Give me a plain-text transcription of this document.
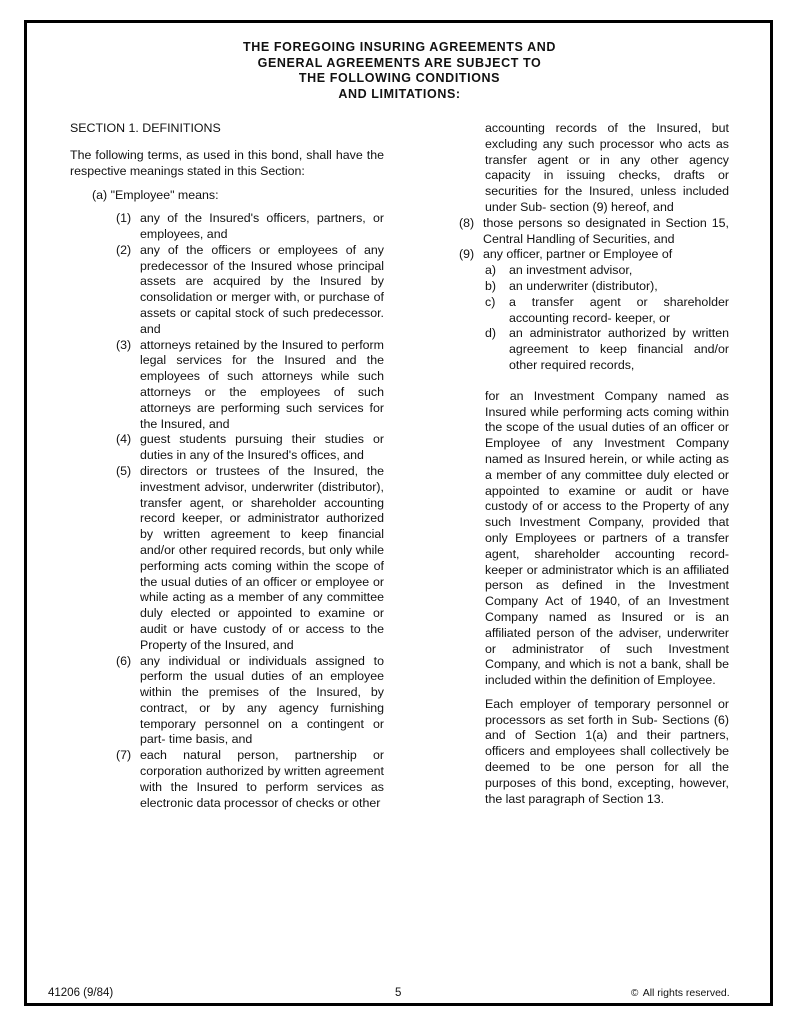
THE FOREGOING INSURING AGREEMENTS AND
GENERAL AGREEMENTS ARE SUBJECT TO
THE FOLLOWING CONDITIONS
AND LIMITATIONS:

SECTION 1. DEFINITIONS

The following terms, as used in this bond, shall have the respective meanings stated in this Section:

(a) "Employee" means:

(1) any of the Insured's officers, partners, or employees, and
(2) any of the officers or employees of any predecessor of the Insured whose principal assets are acquired by the Insured by consolidation or merger with, or purchase of assets or capital stock of such predecessor. and
(3) attorneys retained by the Insured to perform legal services for the Insured and the employees of such attorneys while such attorneys or the employees of such attorneys are performing such services for the Insured, and
(4) guest students pursuing their studies or duties in any of the Insured's offices, and
(5) directors or trustees of the Insured, the investment advisor, underwriter (distributor), transfer agent, or shareholder accounting record keeper, or administrator authorized by written agreement to keep financial and/or other required records, but only while performing acts coming within the scope of the usual duties of an officer or employee or while acting as a member of any committee duly elected or appointed to examine or audit or have custody of or access to the Property of the Insured, and
(6) any individual or individuals assigned to perform the usual duties of an employee within the premises of the Insured, by contract, or by any agency furnishing temporary personnel on a contingent or part- time basis, and
(7) each natural person, partnership or corporation authorized by written agreement with the Insured to perform services as electronic data processor of checks or other

accounting records of the Insured, but excluding any such processor who acts as transfer agent or in any other agency capacity in issuing checks, drafts or securities for the Insured, unless included under Sub- section (9) hereof, and

(8) those persons so designated in Section 15, Central Handling of Securities, and
(9) any officer, partner or Employee of
a)	an investment advisor,
b)	an underwriter (distributor),
c)	a transfer agent or shareholder accounting record- keeper, or
d)	an administrator authorized by written agreement to keep financial and/or other required records,

for an Investment Company named as Insured while performing acts coming within the scope of the usual duties of an officer or Employee of any Investment Company named as Insured herein, or while acting as a member of any committee duly elected or appointed to examine or audit or have custody of or access to the Property of any such Investment Company, provided that only Employees or partners of a transfer agent, shareholder accounting record- keeper or administrator which is an affiliated person as defined in the Investment Company Act of 1940, of an Investment Company named as Insured or is an affiliated person of the adviser, underwriter or administrator of such Investment Company, and which is not a bank, shall be included within the definition of Employee.

Each employer of temporary personnel or processors as set forth in Sub- Sections (6) and of Section 1(a) and their partners, officers and employees shall collectively be deemed to be one person for all the purposes of this bond, excepting, however, the last paragraph of Section 13.

41206 (9/84)	5	© All rights reserved.
